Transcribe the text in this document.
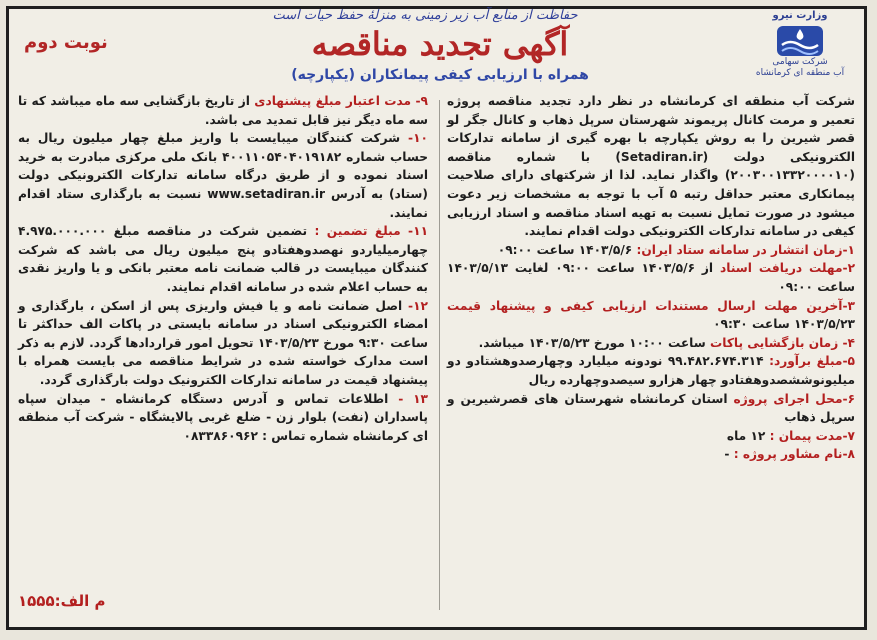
حفاظت از منابع آب زیر زمینی به منزلهٔ حفظ حیات است	وزارت نیرو
شرکت سهامی
آب منطقه ای کرمانشاه
آگهی تجدید مناقصه
همراه با ارزیابی کیفی پیمانکاران (یکپارچه)
نوبت دوم

شرکت آب منطقه ای کرمانشاه در نظر دارد تجدید مناقصه پروژه تعمیر و مرمت کانال پریموند شهرستان سرپل ذهاب و کانال جگر لو قصر شیرین را به روش یکپارچه با بهره گیری از سامانه تدارکات الکترونیکی دولت (Setadiran.ir) با شماره مناقصه (۲۰۰۳۰۰۱۳۳۲۰۰۰۰۱۰) واگذار نماید. لذا از شرکتهای دارای صلاحیت پیمانکاری معتبر حداقل رتبه ۵ آب با توجه به مشخصات زیر دعوت میشود در صورت تمایل نسبت به تهیه اسناد مناقصه و اسناد ارزیابی کیفی در سامانه تدارکات الکترونیکی دولت اقدام نمایند.

۱-زمان انتشار در سامانه ستاد ایران: ۱۴۰۳/۵/۶ ساعت ۰۹:۰۰
۲-مهلت دریافت اسناد از ۱۴۰۳/۵/۶ ساعت ۰۹:۰۰ لغایت ۱۴۰۳/۵/۱۳ ساعت ۰۹:۰۰
۳-آخرین مهلت ارسال مستندات ارزیابی کیفی و پیشنهاد قیمت ۱۴۰۳/۵/۲۳ ساعت ۰۹:۳۰
۴- زمان بازگشایی پاکات ساعت ۱۰:۰۰ مورخ ۱۴۰۳/۵/۲۳ میباشد.
۵-مبلغ برآورد: ۹۹.۴۸۲.۶۷۴.۳۱۴ نودونه میلیارد وچهارصدوهشتادو دو میلیونوششصدوهفتادو چهار هزارو سیصدوچهارده ریال
۶-محل اجرای پروژه استان کرمانشاه شهرستان های قصرشیرین و سرپل ذهاب
۷-مدت پیمان : ۱۲ ماه
۸-نام مشاور پروژه : -
۹- مدت اعتبار مبلغ پیشنهادی از تاریخ بازگشایی سه ماه میباشد که تا سه ماه دیگر نیز قابل تمدید می باشد.
۱۰- شرکت کنندگان میبایست با واریز مبلغ چهار میلیون ریال به حساب شماره ۴۰۰۱۱۰۵۴۰۴۰۱۹۱۸۲ بانک ملی مرکزی مبادرت به خرید اسناد نموده و از طریق درگاه سامانه تدارکات الکترونیکی دولت (ستاد) به آدرس www.setadiran.ir نسبت به بارگذاری ستاد اقدام نمایند.
۱۱- مبلغ تضمین : تضمین شرکت در مناقصه مبلغ ۴.۹۷۵.۰۰۰.۰۰۰ چهارمیلیاردو نهصدوهفتادو پنج میلیون ریال می باشد که شرکت کنندگان میبایست در قالب ضمانت نامه معتبر بانکی و یا واریز نقدی به حساب اعلام شده در سامانه اقدام نمایند.
۱۲- اصل ضمانت نامه و یا فیش واریزی پس از اسکن ، بارگذاری و امضاء الکترونیکی اسناد در سامانه بایستی در پاکات الف حداکثر تا ساعت ۹:۳۰ مورخ ۱۴۰۳/۵/۲۳ تحویل امور قراردادها گردد. لازم به ذکر است مدارک خواسته شده در شرایط مناقصه می بایست همراه با پیشنهاد قیمت در سامانه تدارکات الکترونیک دولت بارگذاری گردد.
۱۳ - اطلاعات تماس و آدرس دستگاه کرمانشاه - میدان سپاه پاسداران (نفت) بلوار زن - ضلع غربی پالایشگاه - شرکت آب منطقه ای کرمانشاه شماره تماس : ۰۸۳۳۸۶۰۹۶۲
م الف:۱۵۵۵
